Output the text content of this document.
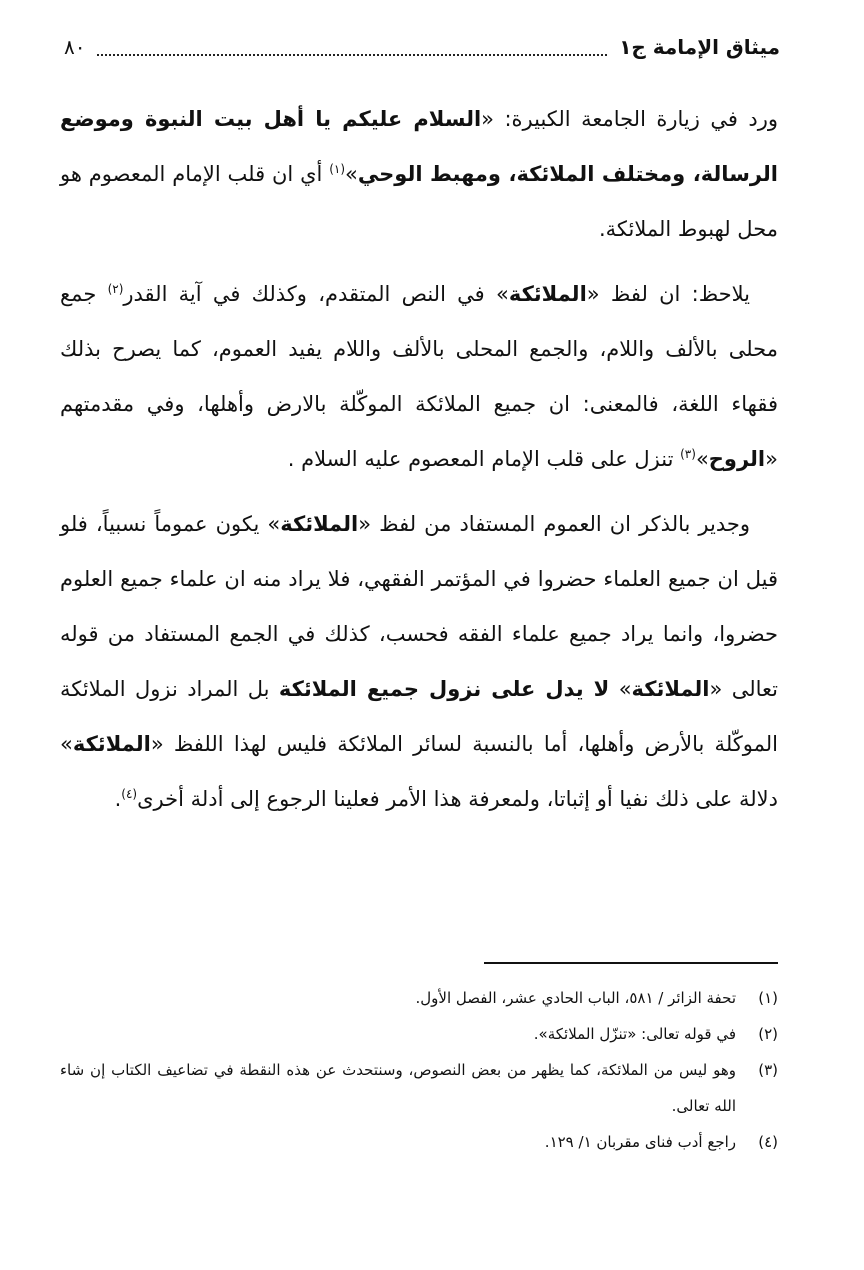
٨٠	ميثاق الإمامة ج١

ورد في زيارة الجامعة الكبيرة: «السلام عليكم يا أهل بيت النبوة وموضع الرسالة، ومختلف الملائكة، ومهبط الوحي»$^{(١)}$ أي ان قلب الإمام المعصوم هو محل لهبوط الملائكة.

يلاحظ: ان لفظ «الملائكة» في النص المتقدم، وكذلك في آية القدر$^{(٢)}$ جمع محلى بالألف واللام، والجمع المحلى بالألف واللام يفيد العموم، كما يصرح بذلك فقهاء اللغة، فالمعنى: ان جميع الملائكة الموكّلة بالارض وأهلها، وفي مقدمتهم «الروح»$^{(٣)}$ تنزل على قلب الإمام المعصوم عليه السلام .

وجدير بالذكر ان العموم المستفاد من لفظ «الملائكة» يكون عموماً نسبياً، فلو قيل ان جميع العلماء حضروا في المؤتمر الفقهي، فلا يراد منه ان علماء جميع العلوم حضروا، وانما يراد جميع علماء الفقه فحسب، كذلك في الجمع المستفاد من قوله تعالى «الملائكة» لا يدل على نزول جميع الملائكة بل المراد نزول الملائكة الموكّلة بالأرض وأهلها، أما بالنسبة لسائر الملائكة فليس لهذا اللفظ «الملائكة» دلالة على ذلك نفيا أو إثباتا، ولمعرفة هذا الأمر فعلينا الرجوع إلى أدلة أخرى$^{(٤)}$.

(١)
تحفة الزائر / ٥٨١، الباب الحادي عشر، الفصل الأول.
(٢)
في قوله تعالى: «تنزّل الملائكة».
(٣)
وهو ليس من الملائكة، كما يظهر من بعض النصوص، وسنتحدث عن هذه النقطة في تضاعيف الكتاب إن شاء الله تعالى.
(٤)
راجع أدب فناى مقربان ١/ ١٢٩.
